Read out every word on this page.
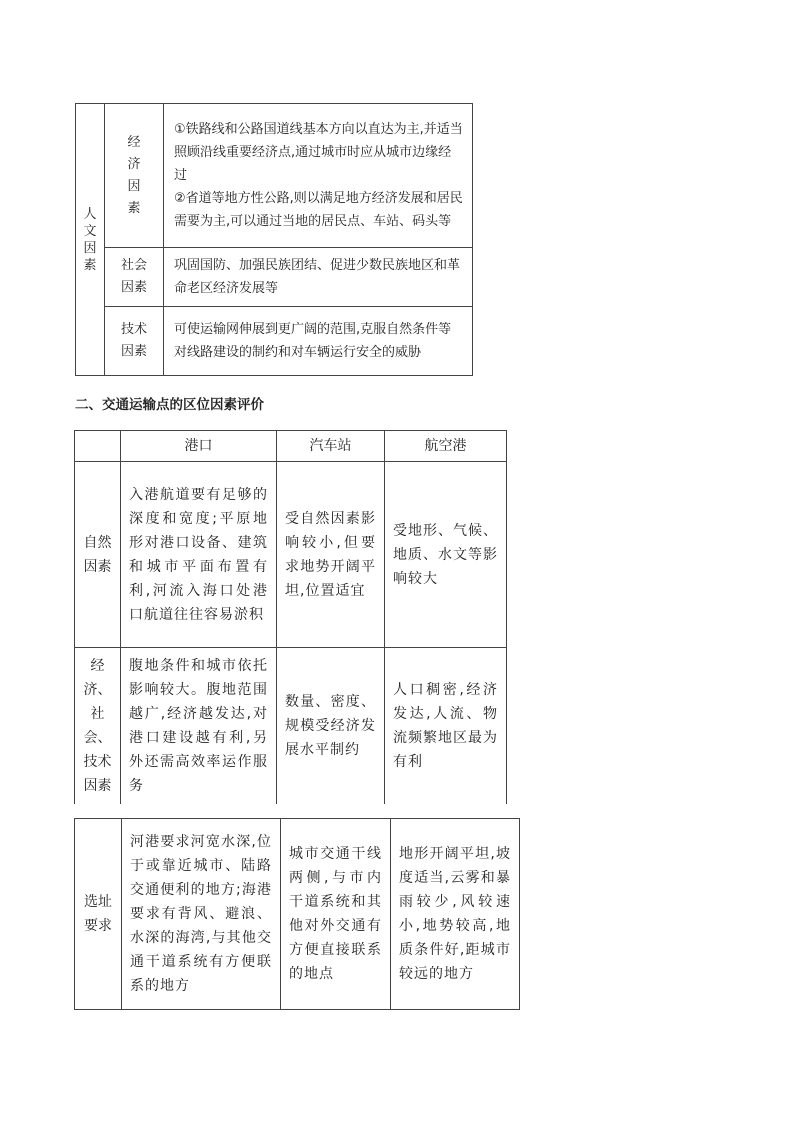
人文因素	经济因素	①铁路线和公路国道线基本方向以直达为主,并适当照顾沿线重要经济点,通过城市时应从城市边缘经过
②省道等地方性公路,则以满足地方经济发展和居民需要为主,可以通过当地的居民点、车站、码头等
	社会因素	巩固国防、加强民族团结、促进少数民族地区和革命老区经济发展等
	技术因素	可使运输网伸展到更广阔的范围,克服自然条件等对线路建设的制约和对车辆运行安全的威胁
二、交通运输点的区位因素评价
	港口	汽车站	航空港
自然因素	入港航道要有足够的深度和宽度;平原地形对港口设备、建筑和城市平面布置有利,河流入海口处港口航道往往容易淤积	受自然因素影响较小,但要求地势开阔平坦,位置适宜	受地形、气候、地质、水文等影响较大
经济、社会、技术因素	腹地条件和城市依托影响较大。腹地范围越广,经济越发达,对港口建设越有利,另外还需高效率运作服务	数量、密度、规模受经济发展水平制约	人口稠密,经济发达,人流、物流频繁地区最为有利
选址要求	河港要求河宽水深,位于或靠近城市、陆路交通便利的地方;海港要求有背风、避浪、水深的海湾,与其他交通干道系统有方便联系的地方	城市交通干线两侧,与市内干道系统和其他对外交通有方便直接联系的地点	地形开阔平坦,坡度适当,云雾和暴雨较少,风较速小,地势较高,地质条件好,距城市较远的地方
